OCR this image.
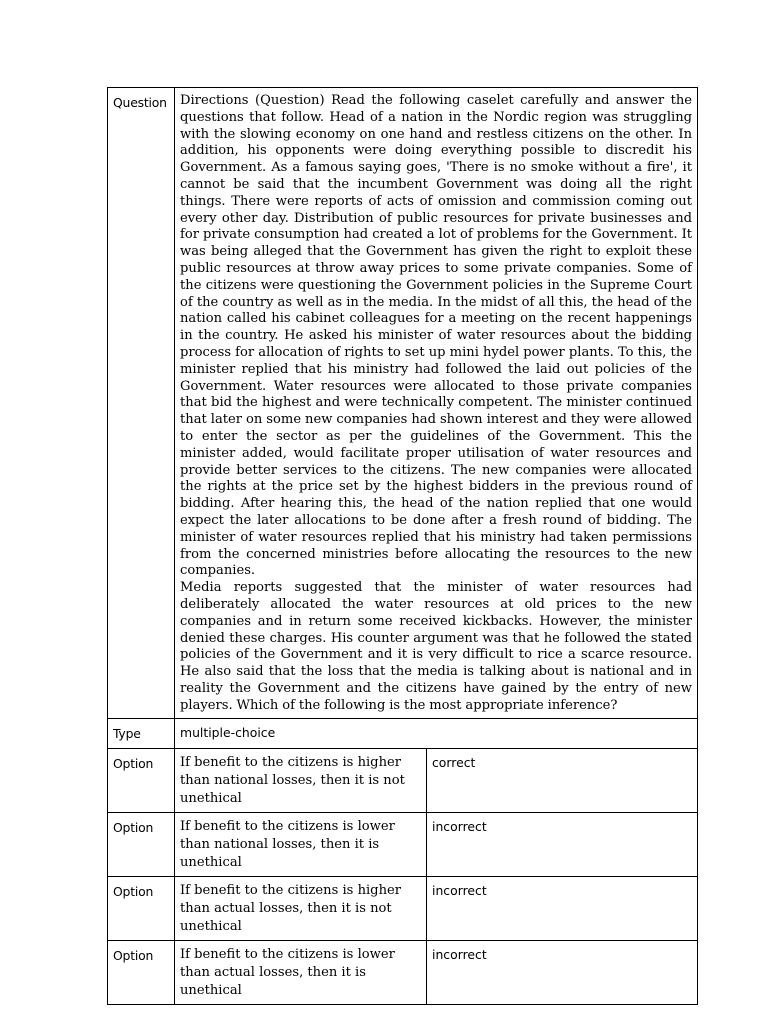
Question	Directions (Question) Read the following caselet carefully and answer the questions that follow. Head of a nation in the Nordic region was struggling with the slowing economy on one hand and restless citizens on the other. In addition, his opponents were doing everything possible to discredit his Government. As a famous saying goes, 'There is no smoke without a fire', it cannot be said that the incumbent Government was doing all the right things. There were reports of acts of omission and commission coming out every other day. Distribution of public resources for private businesses and for private consumption had created a lot of problems for the Government. It was being alleged that the Government has given the right to exploit these public resources at throw away prices to some private companies. Some of the citizens were questioning the Government policies in the Supreme Court of the country as well as in the media. In the midst of all this, the head of the nation called his cabinet colleagues for a meeting on the recent happenings in the country. He asked his minister of water resources about the bidding process for allocation of rights to set up mini hydel power plants. To this, the minister replied that his ministry had followed the laid out policies of the Government. Water resources were allocated to those private companies that bid the highest and were technically competent. The minister continued that later on some new companies had shown interest and they were allowed to enter the sector as per the guidelines of the Government. This the minister added, would facilitate proper utilisation of water resources and provide better services to the citizens. The new companies were allocated the rights at the price set by the highest bidders in the previous round of bidding. After hearing this, the head of the nation replied that one would expect the later allocations to be done after a fresh round of bidding. The minister of water resources replied that his ministry had taken permissions from the concerned ministries before allocating the resources to the new companies.

Media reports suggested that the minister of water resources had deliberately allocated the water resources at old prices to the new companies and in return some received kickbacks. However, the minister denied these charges. His counter argument was that he followed the stated policies of the Government and it is very difficult to rice a scarce resource. He also said that the loss that the media is talking about is national and in reality the Government and the citizens have gained by the entry of new players. Which of the following is the most appropriate inference?	

Type	multiple-choice	
Option	If benefit to the citizens is higher than national losses, then it is not unethical	correct
Option	If benefit to the citizens is lower than national losses, then it is unethical	incorrect
Option	If benefit to the citizens is higher than actual losses, then it is not unethical	incorrect
Option	If benefit to the citizens is lower than actual losses, then it is unethical	incorrect
